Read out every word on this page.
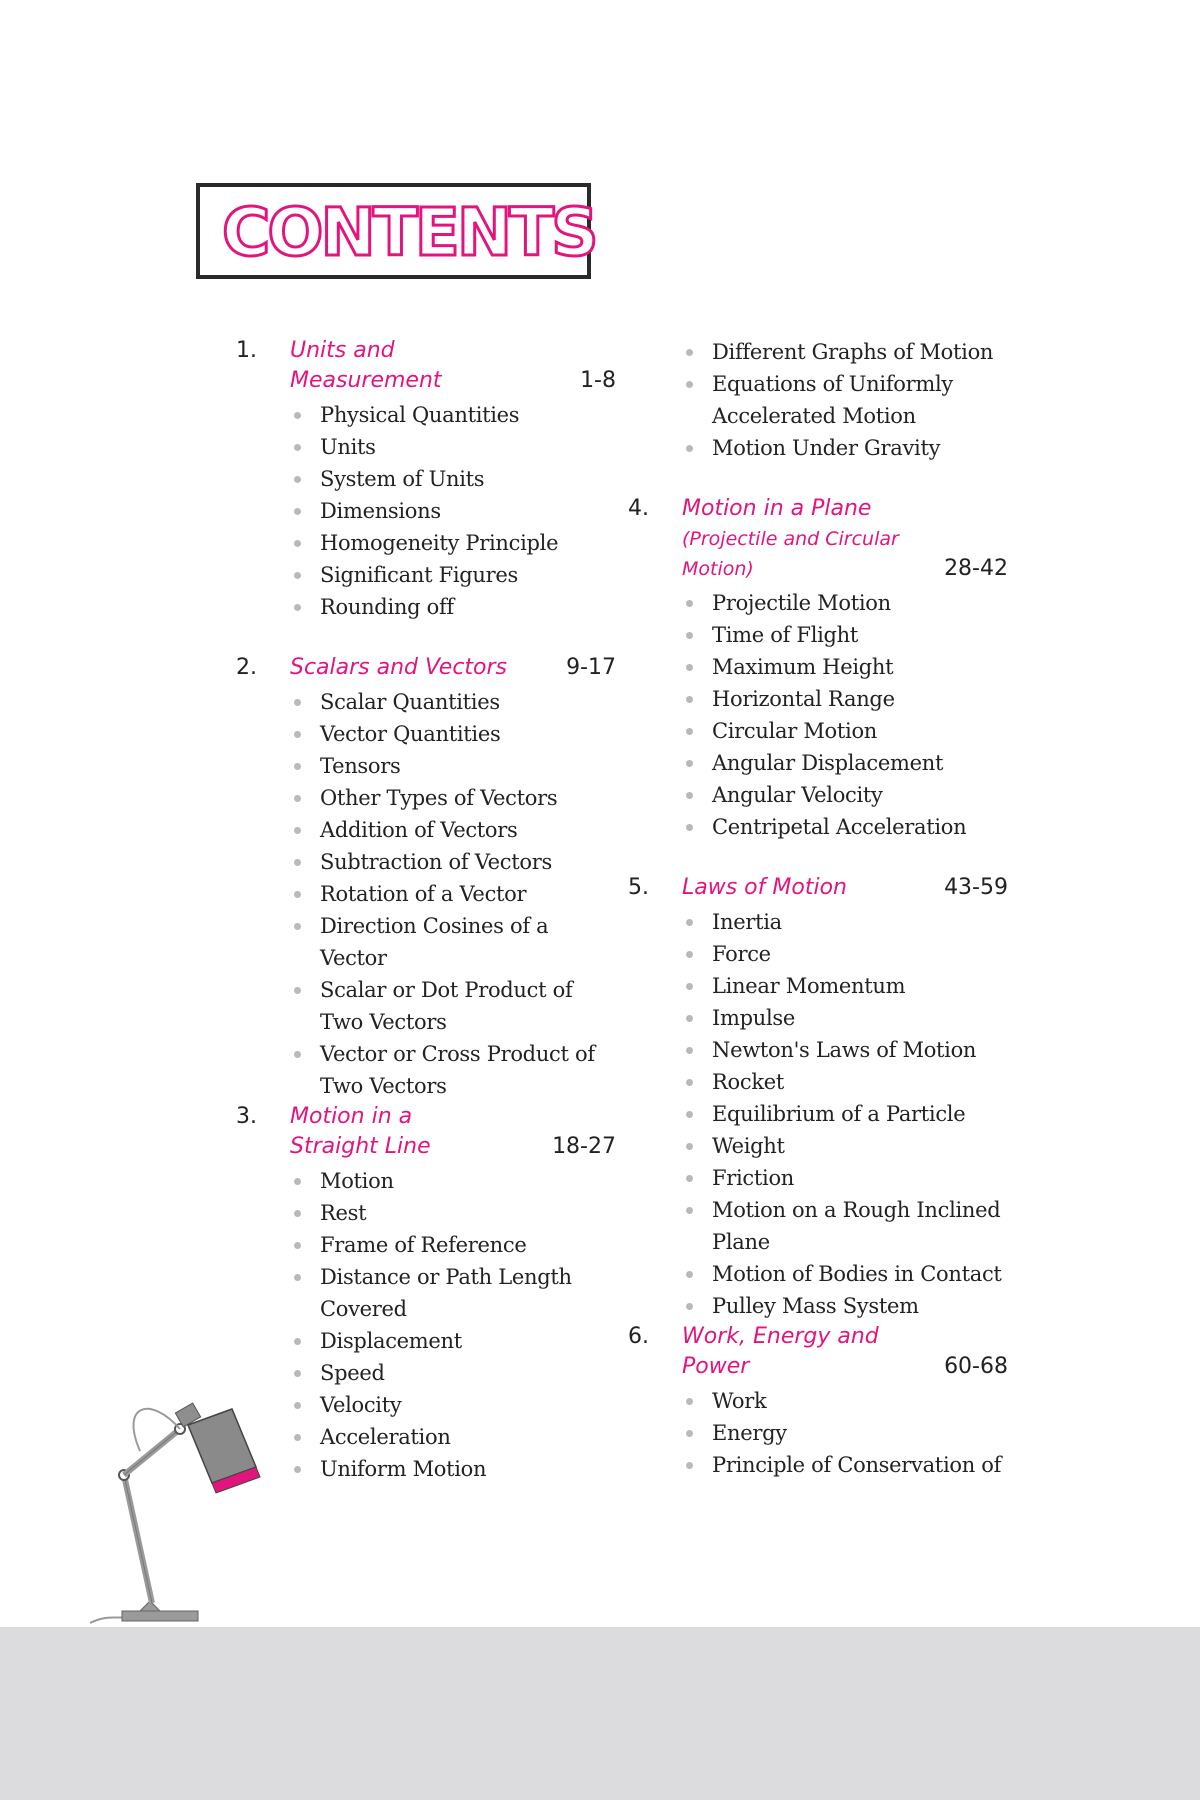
CONTENTS
1. Units and
Measurement	1-8
Physical Quantities
Units
System of Units
Dimensions
Homogeneity Principle
Significant Figures
Rounding off
2. Scalars and Vectors	9-17
Scalar Quantities
Vector Quantities
Tensors
Other Types of Vectors
Addition of Vectors
Subtraction of Vectors
Rotation of a Vector
Direction Cosines of a Vector
Scalar or Dot Product of Two Vectors
Vector or Cross Product of Two Vectors
3. Motion in a
Straight Line	18-27
Motion
Rest
Frame of Reference
Distance or Path Length Covered
Displacement
Speed
Velocity
Acceleration
Uniform Motion
Different Graphs of Motion
Equations of Uniformly Accelerated Motion
Motion Under Gravity
4. Motion in a Plane
(Projectile and Circular
Motion)	28-42
Projectile Motion
Time of Flight
Maximum Height
Horizontal Range
Circular Motion
Angular Displacement
Angular Velocity
Centripetal Acceleration
5. Laws of Motion	43-59
Inertia
Force
Linear Momentum
Impulse
Newton's Laws of Motion
Rocket
Equilibrium of a Particle
Weight
Friction
Motion on a Rough Inclined Plane
Motion of Bodies in Contact
Pulley Mass System
6. Work, Energy and
Power	60-68
Work
Energy
Principle of Conservation of
